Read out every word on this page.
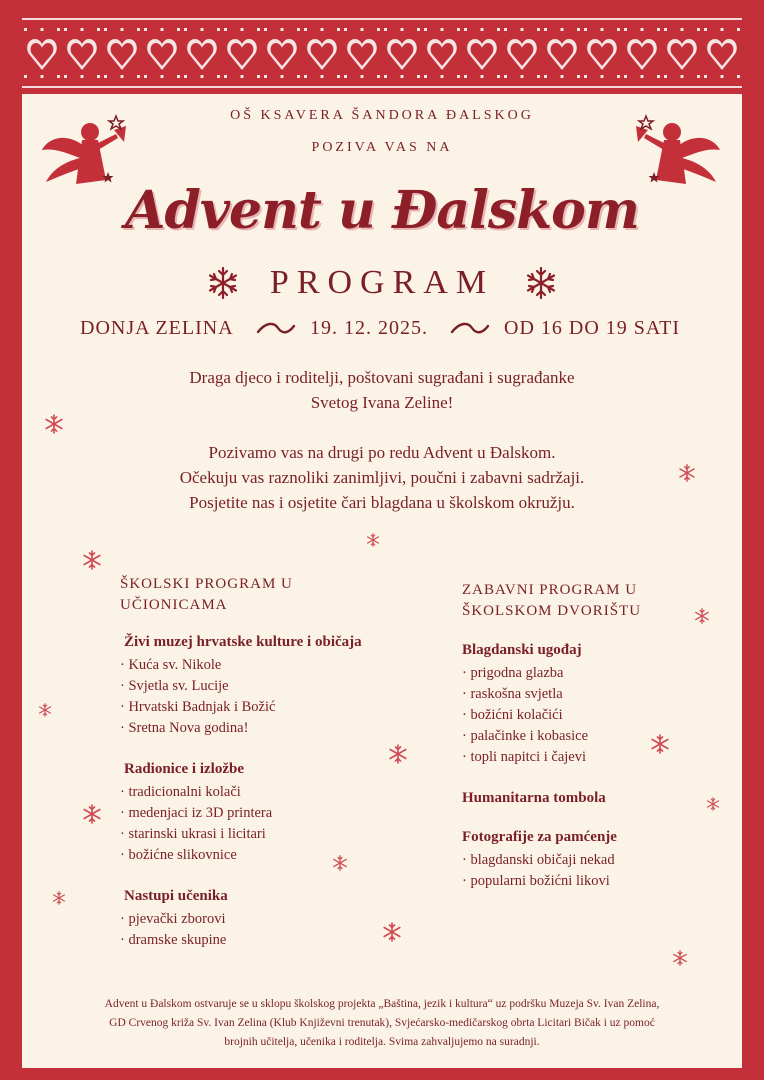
OŠ KSAVERA ŠANDORA ĐALSKOG
POZIVA VAS NA
Advent u Đalskom
PROGRAM
DONJA ZELINA	19. 12. 2025.	OD 16 DO 19 SATI
Draga djeco i roditelji, poštovani sugrađani i sugrađanke
Svetog Ivana Zeline!
Pozivamo vas na drugi po redu Advent u Đalskom.
Očekuju vas raznoliki zanimljivi, poučni i zabavni sadržaji.
Posjetite nas i osjetite čari blagdana u školskom okružju.
ŠKOLSKI PROGRAM U
UČIONICAMA
Živi muzej hrvatske kulture i običaja
· Kuća sv. Nikole
· Svjetla sv. Lucije
· Hrvatski Badnjak i Božić
· Sretna Nova godina!
Radionice i izložbe
· tradicionalni kolači
· medenjaci iz 3D printera
· starinski ukrasi i licitari
· božićne slikovnice
Nastupi učenika
· pjevački zborovi
· dramske skupine
ZABAVNI PROGRAM U
ŠKOLSKOM DVORIŠTU
Blagdanski ugođaj
· prigodna glazba
· raskošna svjetla
· božićni kolačići
· palačinke i kobasice
· topli napitci i čajevi
Humanitarna tombola
Fotografije za pamćenje
· blagdanski običaji nekad
· popularni božićni likovi
Advent u Đalskom ostvaruje se u sklopu školskog projekta „Baština, jezik i kultura“ uz podršku Muzeja Sv. Ivan Zelina,
GD Crvenog križa Sv. Ivan Zelina (Klub Književni trenutak), Svjećarsko-medičarskog obrta Licitari Bičak i uz pomoć
brojnih učitelja, učenika i roditelja. Svima zahvaljujemo na suradnji.
